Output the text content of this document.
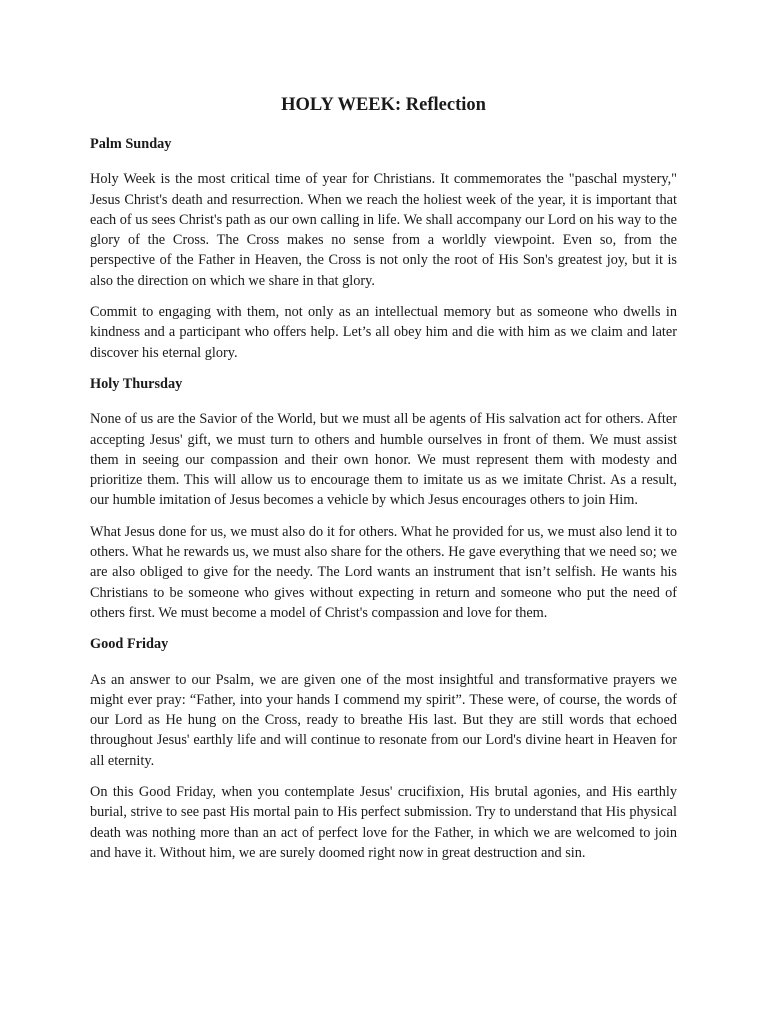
HOLY WEEK: Reflection
Palm Sunday

Holy Week is the most critical time of year for Christians. It commemorates the "paschal mystery," Jesus Christ's death and resurrection. When we reach the holiest week of the year, it is important that each of us sees Christ's path as our own calling in life. We shall accompany our Lord on his way to the glory of the Cross. The Cross makes no sense from a worldly viewpoint. Even so, from the perspective of the Father in Heaven, the Cross is not only the root of His Son's greatest joy, but it is also the direction on which we share in that glory.

Commit to engaging with them, not only as an intellectual memory but as someone who dwells in kindness and a participant who offers help. Let’s all obey him and die with him as we claim and later discover his eternal glory.

Holy Thursday

None of us are the Savior of the World, but we must all be agents of His salvation act for others. After accepting Jesus' gift, we must turn to others and humble ourselves in front of them. We must assist them in seeing our compassion and their own honor. We must represent them with modesty and prioritize them. This will allow us to encourage them to imitate us as we imitate Christ. As a result, our humble imitation of Jesus becomes a vehicle by which Jesus encourages others to join Him.

What Jesus done for us, we must also do it for others. What he provided for us, we must also lend it to others. What he rewards us, we must also share for the others. He gave everything that we need so; we are also obliged to give for the needy. The Lord wants an instrument that isn’t selfish. He wants his Christians to be someone who gives without expecting in return and someone who put the need of others first. We must become a model of Christ's compassion and love for them.

Good Friday

As an answer to our Psalm, we are given one of the most insightful and transformative prayers we might ever pray: “Father, into your hands I commend my spirit”. These were, of course, the words of our Lord as He hung on the Cross, ready to breathe His last. But they are still words that echoed throughout Jesus' earthly life and will continue to resonate from our Lord's divine heart in Heaven for all eternity.

On this Good Friday, when you contemplate Jesus' crucifixion, His brutal agonies, and His earthly burial, strive to see past His mortal pain to His perfect submission. Try to understand that His physical death was nothing more than an act of perfect love for the Father, in which we are welcomed to join and have it. Without him, we are surely doomed right now in great destruction and sin.
